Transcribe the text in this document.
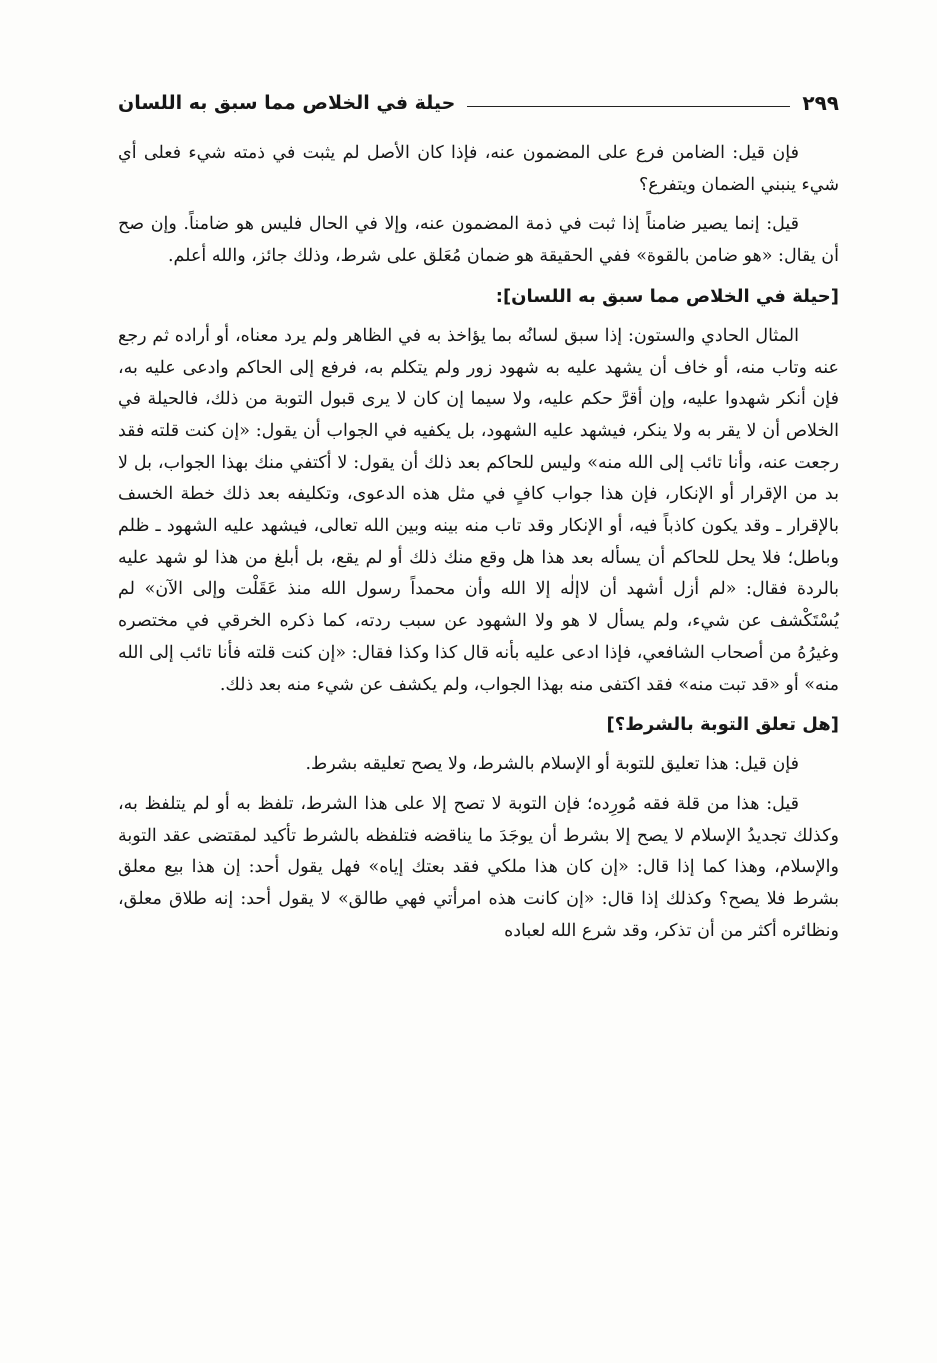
حيلة في الخلاص مما سبق به اللسان	٢٩٩

فإن قيل: الضامن فرع على المضمون عنه، فإذا كان الأصل لم يثبت في ذمته شيء فعلى أي شيء ينبني الضمان ويتفرع؟

قيل: إنما يصير ضامناً إذا ثبت في ذمة المضمون عنه، وإلا في الحال فليس هو ضامناً. وإن صح أن يقال: «هو ضامن بالقوة» ففي الحقيقة هو ضمان مُعَلق على شرط، وذلك جائز، والله أعلم.

[حيلة في الخلاص مما سبق به اللسان]:

المثال الحادي والستون: إذا سبق لسانُه بما يؤاخذ به في الظاهر ولم يرد معناه، أو أراده ثم رجع عنه وتاب منه، أو خاف أن يشهد عليه به شهود زور ولم يتكلم به، فرفع إلى الحاكم وادعى عليه به، فإن أنكر شهدوا عليه، وإن أقرَّ حكم عليه، ولا سيما إن كان لا يرى قبول التوبة من ذلك، فالحيلة في الخلاص أن لا يقر به ولا ينكر، فيشهد عليه الشهود، بل يكفيه في الجواب أن يقول: «إن كنت قلته فقد رجعت عنه، وأنا تائب إلى الله منه» وليس للحاكم بعد ذلك أن يقول: لا أكتفي منك بهذا الجواب، بل لا بد من الإقرار أو الإنكار، فإن هذا جواب كافٍ في مثل هذه الدعوى، وتكليفه بعد ذلك خطة الخسف بالإقرار ـ وقد يكون كاذباً فيه، أو الإنكار وقد تاب منه بينه وبين الله تعالى، فيشهد عليه الشهود ـ ظلم وباطل؛ فلا يحل للحاكم أن يسأله بعد هذا هل وقع منك ذلك أو لم يقع، بل أبلغ من هذا لو شهد عليه بالردة فقال: «لم أزل أشهد أن لاإلٰه إلا الله وأن محمداً رسول الله منذ عَقَلْت وإلى الآن» لم يُسْتَكْشف عن شيء، ولم يسأل لا هو ولا الشهود عن سبب ردته، كما ذكره الخرقي في مختصره وغيرُهُ من أصحاب الشافعي، فإذا ادعى عليه بأنه قال كذا وكذا فقال: «إن كنت قلته فأنا تائب إلى الله منه» أو «قد تبت منه» فقد اكتفى منه بهذا الجواب، ولم يكشف عن شيء منه بعد ذلك.

[هل تعلق التوبة بالشرط؟]

فإن قيل: هذا تعليق للتوبة أو الإسلام بالشرط، ولا يصح تعليقه بشرط.

قيل: هذا من قلة فقه مُورِده؛ فإن التوبة لا تصح إلا على هذا الشرط، تلفظ به أو لم يتلفظ به، وكذلك تجديدُ الإسلام لا يصح إلا بشرط أن يوجَدَ ما يناقضه فتلفظه بالشرط تأكيد لمقتضى عقد التوبة والإسلام، وهذا كما إذا قال: «إن كان هذا ملكي فقد بعتك إياه» فهل يقول أحد: إن هذا بيع معلق بشرط فلا يصح؟ وكذلك إذا قال: «إن كانت هذه امرأتي فهي طالق» لا يقول أحد: إنه طلاق معلق، ونظائره أكثر من أن تذكر، وقد شرع الله لعباده
